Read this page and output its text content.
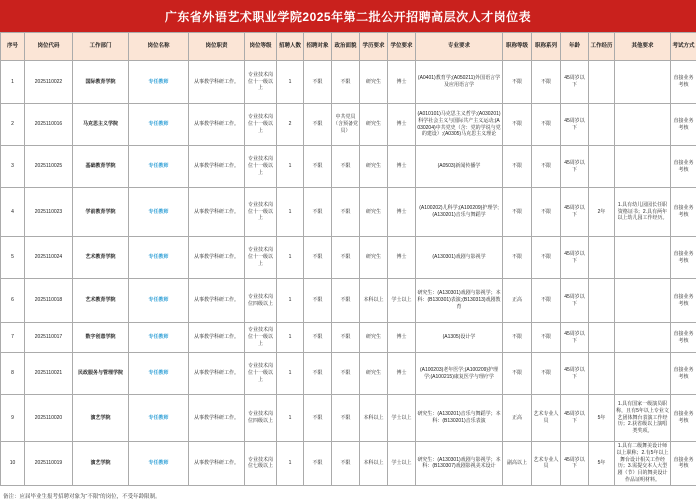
广东省外语艺术职业学院2025年第二批公开招聘高层次人才岗位表
序号	岗位代码	工作部门	岗位名称	岗位职责	岗位等级	招聘人数	招聘对象	政治面貌	学历要求	学位要求	专业要求	职称等级	职称系列	年龄	工作经历	其他要求	考试方式
1	2025110022	国际教育学院	专任教师	从事教学科研工作。	专业技术岗位十一级以上	1	不限	不限	研究生	博士	(A0401)教育学;(A050211)外国语言学及应用语言学	不限	不限	45周岁以下			直接业务考核
2	2025110016	马克思主义学院	专任教师	从事教学科研工作。	专业技术岗位十一级以上	2	不限	中共党员（含预备党员）	研究生	博士	(A010101)马克思主义哲学;(A030201)科学社会主义与国际共产主义运动;(A030204)中共党史（含：党的学说与党的建设）;(A0305)马克思主义理论	不限	不限	45周岁以下			直接业务考核
3	2025110025	基础教育学院	专任教师	从事教学科研工作。	专业技术岗位十一级以上	1	不限	不限	研究生	博士	(A0503)新闻传播学	不限	不限	45周岁以下			直接业务考核
4	2025110023	学前教育学院	专任教师	从事教学科研工作。	专业技术岗位十一级以上	1	不限	不限	研究生	博士	(A100202)儿科学;(A100209)护理学;(A130201)音乐与舞蹈学	不限	不限	45周岁以下	2年	1.具有幼儿园园长任职资格证书；2.具有两年以上幼儿园工作经历。	直接业务考核
5	2025110024	艺术教育学院	专任教师	从事教学科研工作。	专业技术岗位十一级以上	1	不限	不限	研究生	博士	(A130301)戏剧与影视学	不限	不限	45周岁以下			直接业务考核
6	2025110018	艺术教育学院	专任教师	从事教学科研工作。	专业技术岗位四级以上	1	不限	不限	本科以上	学士以上	研究生：(A130301)戏剧与影视学；本科：(B130301)表演;(B130313)戏剧教育	正高	不限	45周岁以下			直接业务考核
7	2025110017	数字创意学院	专任教师	从事教学科研工作。	专业技术岗位十一级以上	1	不限	不限	研究生	博士	(A1305)设计学	不限	不限	45周岁以下			直接业务考核
8	2025110021	民政服务与管理学院	专任教师	从事教学科研工作。	专业技术岗位十一级以上	1	不限	不限	研究生	博士	(A100203)老年医学;(A100209)护理学;(A100215)康复医学与理疗学	不限	不限	45周岁以下			直接业务考核
9	2025110020	演艺学院	专任教师	从事教学科研工作。	专业技术岗位四级以上	1	不限	不限	本科以上	学士以上	研究生：(A130201)音乐与舞蹈学；本科：(B130201)音乐表演	正高	艺术专业人员	45周岁以下	5年	1.具有国家一级演员职称，且有5年以上专业文艺团体舞台表演工作经历；2.获省级以上演唱类奖项。	直接业务考核
10	2025110019	演艺学院	专任教师	从事教学科研工作。	专业技术岗位七级以上	1	不限	不限	本科以上	学士以上	研究生：(A130301)戏剧与影视学；本科：(B130307)戏剧影视美术设计	副高以上	艺术专业人员	45周岁以下	5年	1.具有二级舞美设计师以上职称；2.有5年以上舞台设计相关工作经历；3.需提交本人大型剧（节）目的舞美设计作品证明材料。	直接业务考核
备注：应届毕业生报考招聘对象为“不限”的岗位，不受年龄限制。
